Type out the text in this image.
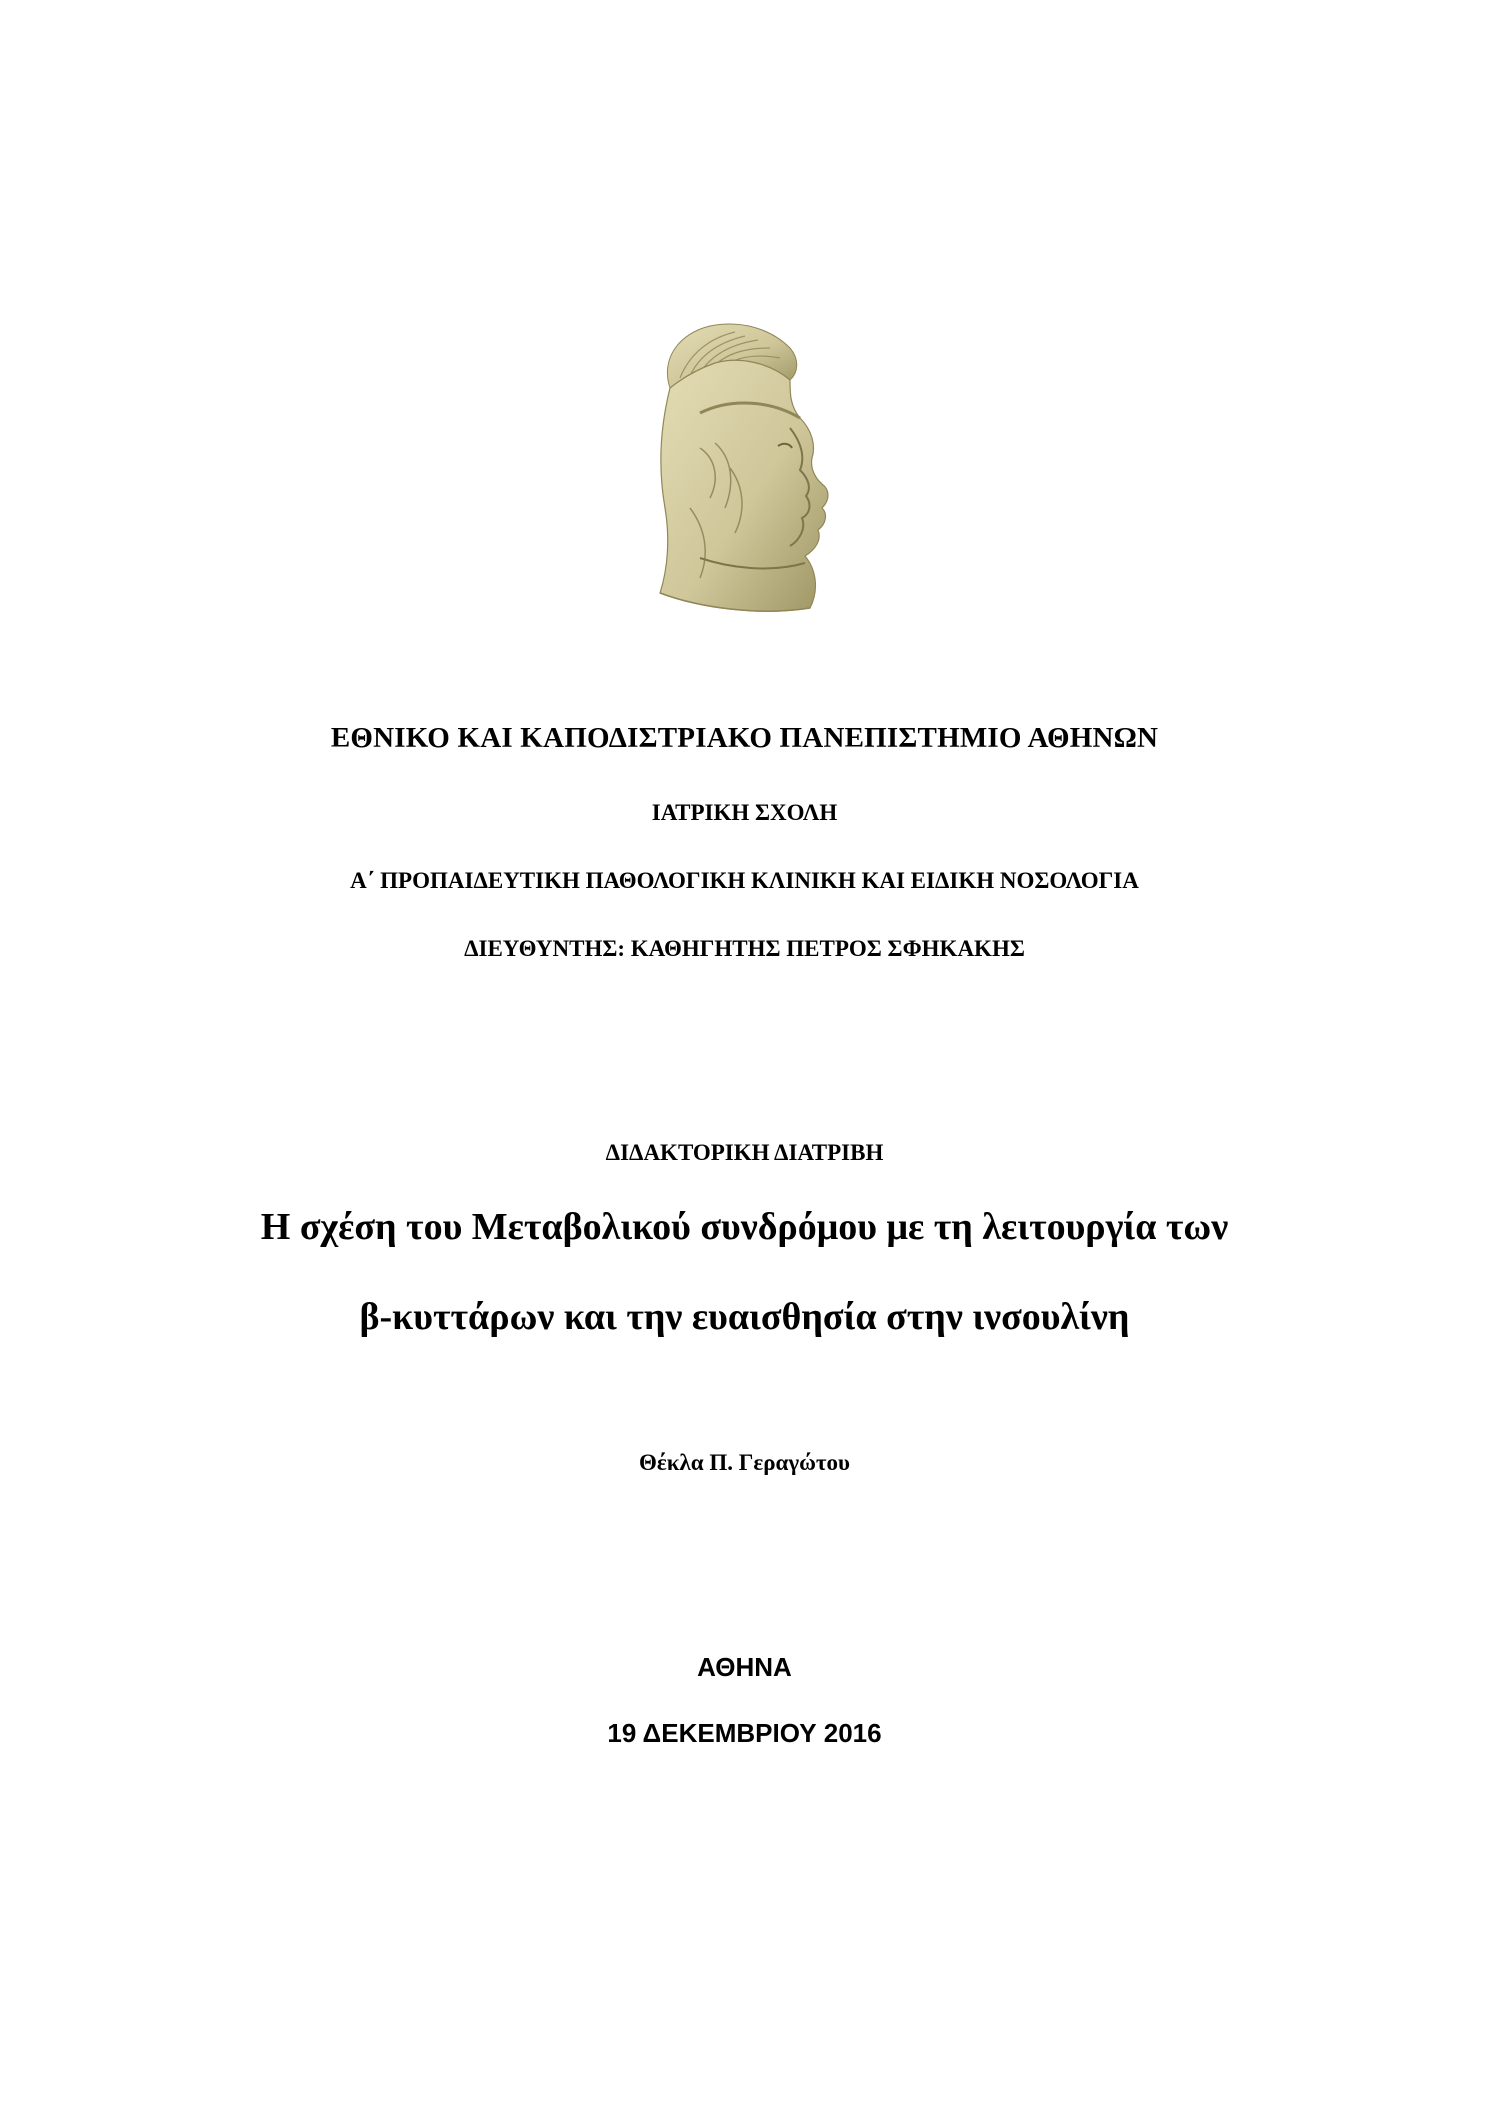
ΕΘΝΙΚΟ ΚΑΙ ΚΑΠΟΔΙΣΤΡΙΑΚΟ ΠΑΝΕΠΙΣΤΗΜΙΟ ΑΘΗΝΩΝ
ΙΑΤΡΙΚΗ ΣΧΟΛΗ
Α΄ ΠΡΟΠΑΙΔΕΥΤΙΚΗ ΠΑΘΟΛΟΓΙΚΗ ΚΛΙΝΙΚΗ ΚΑΙ ΕΙΔΙΚΗ ΝΟΣΟΛΟΓΙΑ
ΔΙΕΥΘΥΝΤΗΣ: ΚΑΘΗΓΗΤΗΣ ΠΕΤΡΟΣ ΣΦΗΚΑΚΗΣ
ΔΙΔΑΚΤΟΡΙΚΗ ΔΙΑΤΡΙΒΗ
Η σχέση του Μεταβολικού συνδρόμου με τη λειτουργία των
β-κυττάρων και την ευαισθησία στην ινσουλίνη
Θέκλα Π. Γεραγώτου
ΑΘΗΝΑ
19 ΔΕΚΕΜΒΡΙΟΥ 2016
